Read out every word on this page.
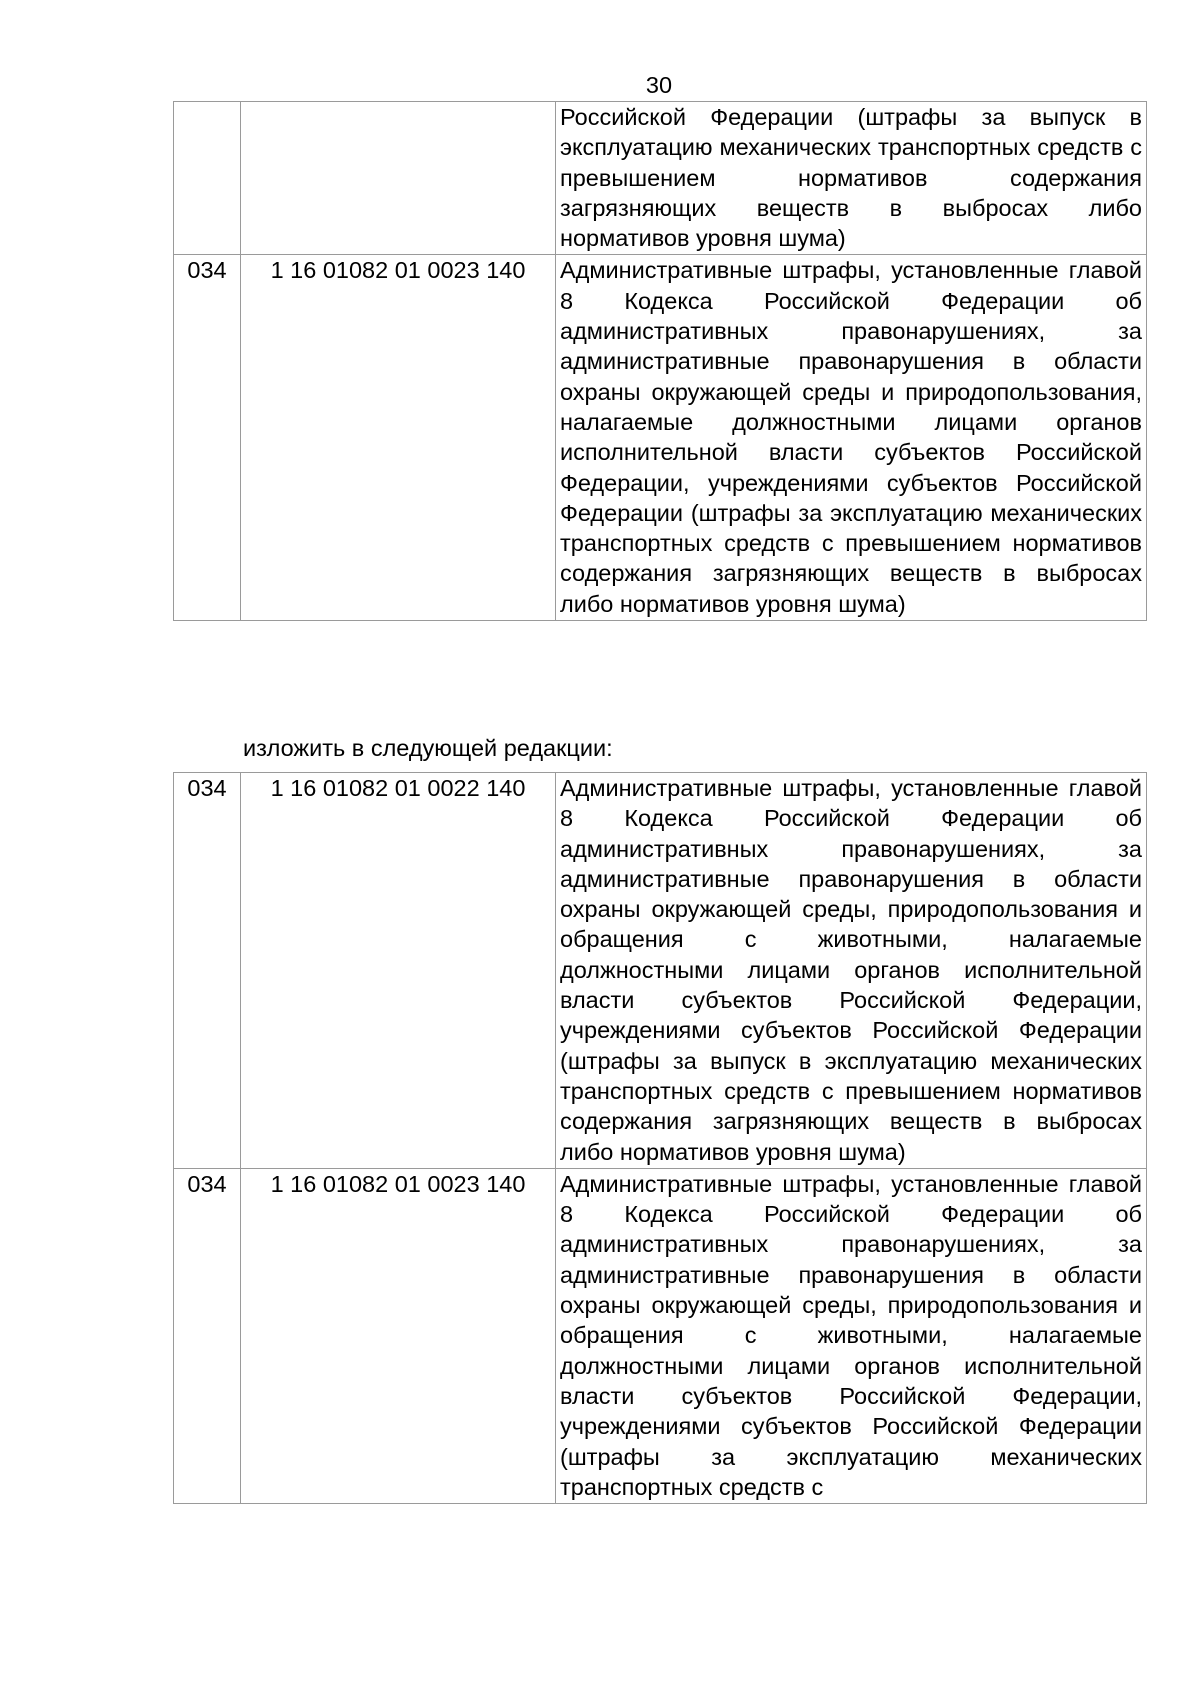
30
		Российской Федерации (штрафы за выпуск в эксплуатацию механических транспортных средств с превышением нормативов содержания загрязняющих веществ в выбросах либо нормативов уровня шума)
034	1 16 01082 01 0023 140	Административные штрафы, установленные главой 8 Кодекса Российской Федерации об административных правонарушениях, за административные правонарушения в области охраны окружающей среды и природопользования, налагаемые должностными лицами органов исполнительной власти субъектов Российской Федерации, учреждениями субъектов Российской Федерации (штрафы за эксплуатацию механических транспортных средств с превышением нормативов содержания загрязняющих веществ в выбросах либо нормативов уровня шума)
изложить в следующей редакции:
034	1 16 01082 01 0022 140	Административные штрафы, установленные главой 8 Кодекса Российской Федерации об административных правонарушениях, за административные правонарушения в области охраны окружающей среды, природопользования и обращения с животными, налагаемые должностными лицами органов исполнительной власти субъектов Российской Федерации, учреждениями субъектов Российской Федерации (штрафы за выпуск в эксплуатацию механических транспортных средств с превышением нормативов содержания загрязняющих веществ в выбросах либо нормативов уровня шума)
034	1 16 01082 01 0023 140	Административные штрафы, установленные главой 8 Кодекса Российской Федерации об административных правонарушениях, за административные правонарушения в области охраны окружающей среды, природопользования и обращения с животными, налагаемые должностными лицами органов исполнительной власти субъектов Российской Федерации, учреждениями субъектов Российской Федерации (штрафы за эксплуатацию механических транспортных средств с
